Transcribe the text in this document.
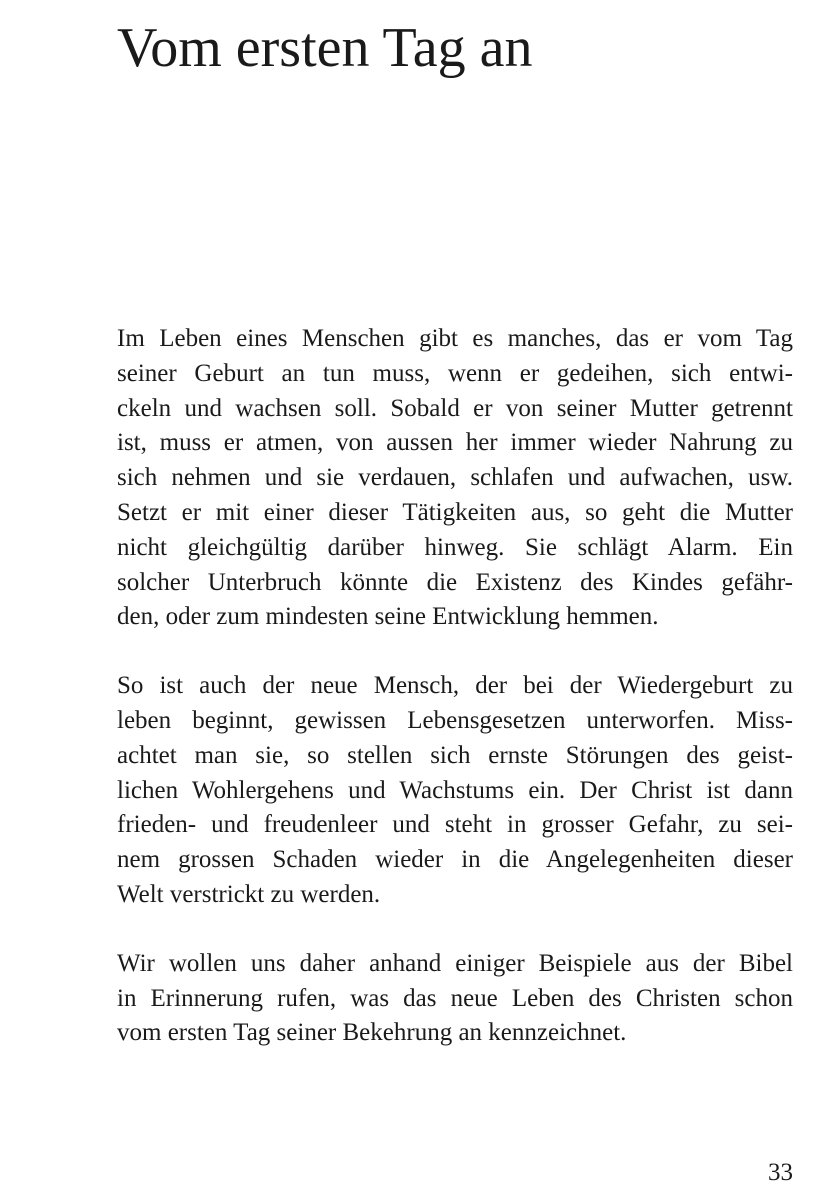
Vom ersten Tag an

Im Leben eines Menschen gibt es manches, das er vom Tag
seiner Geburt an tun muss, wenn er gedeihen, sich entwi-
ckeln und wachsen soll. Sobald er von seiner Mutter getrennt
ist, muss er atmen, von aussen her immer wieder Nahrung zu
sich nehmen und sie verdauen, schlafen und aufwachen, usw.
Setzt er mit einer dieser Tätigkeiten aus, so geht die Mutter
nicht gleichgültig darüber hinweg. Sie schlägt Alarm. Ein
solcher Unterbruch könnte die Existenz des Kindes gefähr-
den, oder zum mindesten seine Entwicklung hemmen.

So ist auch der neue Mensch, der bei der Wiedergeburt zu
leben beginnt, gewissen Lebensgesetzen unterworfen. Miss-
achtet man sie, so stellen sich ernste Störungen des geist-
lichen Wohlergehens und Wachstums ein. Der Christ ist dann
frieden- und freudenleer und steht in grosser Gefahr, zu sei-
nem grossen Schaden wieder in die Angelegenheiten dieser
Welt verstrickt zu werden.

Wir wollen uns daher anhand einiger Beispiele aus der Bibel
in Erinnerung rufen, was das neue Leben des Christen schon
vom ersten Tag seiner Bekehrung an kennzeichnet.

33
